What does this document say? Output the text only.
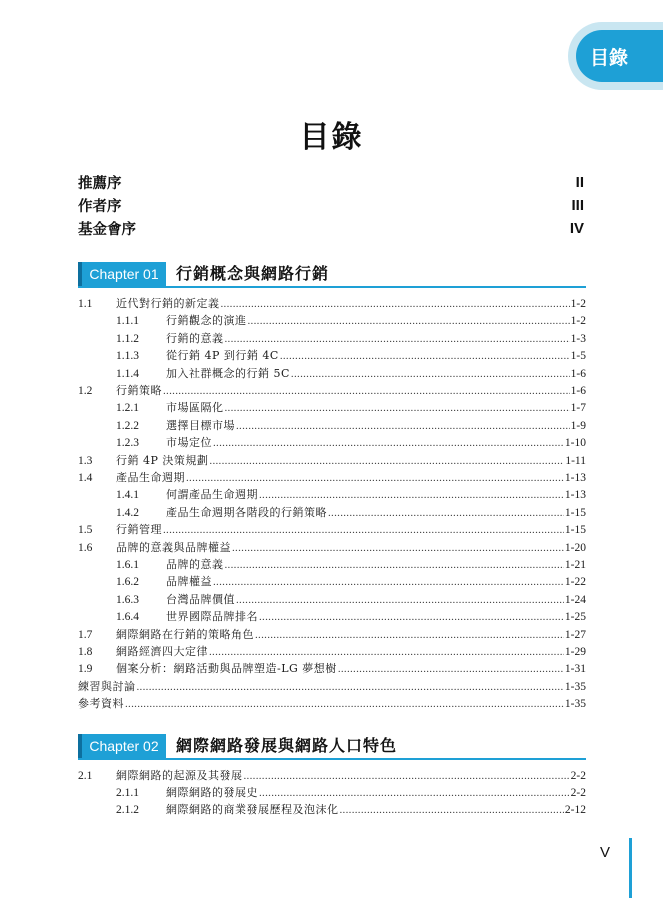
目錄
目錄
推薦序	II
作者序	III
基金會序	IV
Chapter 01	行銷概念與網路行銷
1.1	近代對行銷的新定義 .....	1-2
1.1.1	行銷觀念的演進 .....	1-2
1.1.2	行銷的意義 .....	1-3
1.1.3	從行銷 4P 到行銷 4C .....	1-5
1.1.4	加入社群概念的行銷 5C .....	1-6
1.2	行銷策略 .....	1-6
1.2.1	市場區隔化 .....	1-7
1.2.2	選擇目標市場 .....	1-9
1.2.3	市場定位 .....	1-10
1.3	行銷 4P 決策規劃 .....	1-11
1.4	產品生命週期 .....	1-13
1.4.1	何謂產品生命週期 .....	1-13
1.4.2	產品生命週期各階段的行銷策略 .....	1-15
1.5	行銷管理 .....	1-15
1.6	品牌的意義與品牌權益 .....	1-20
1.6.1	品牌的意義 .....	1-21
1.6.2	品牌權益 .....	1-22
1.6.3	台灣品牌價值 .....	1-24
1.6.4	世界國際品牌排名 .....	1-25
1.7	網際網路在行銷的策略角色 .....	1-27
1.8	網路經濟四大定律 .....	1-29
1.9	個案分析：網路活動與品牌塑造-LG 夢想樹 .....	1-31
練習與討論 .....	1-35
參考資料 .....	1-35
Chapter 02	網際網路發展與網路人口特色
2.1	網際網路的起源及其發展 .....	2-2
2.1.1	網際網路的發展史 .....	2-2
2.1.2	網際網路的商業發展歷程及泡沫化 .....	2-12
V
